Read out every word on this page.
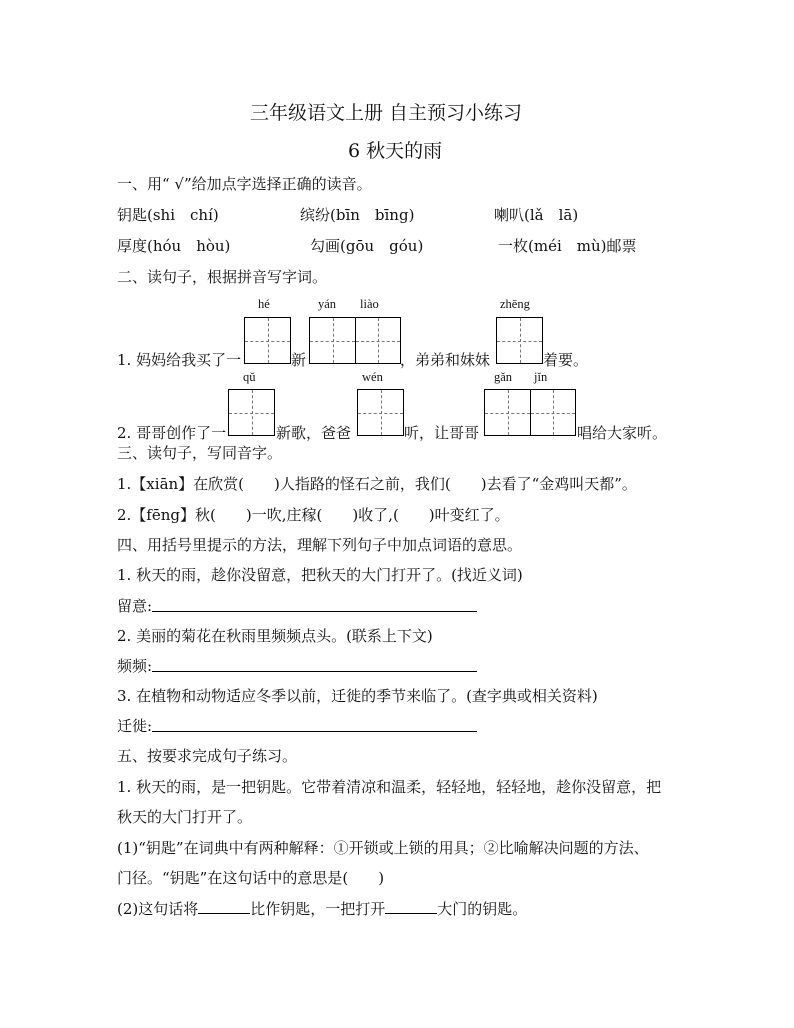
三年级语文上册 自主预习小练习
6 秋天的雨
一、用“ √”给加点字选择正确的读音。
钥匙(shi　chí)	缤纷(bīn　bīng)	喇叭(lǎ　lā)
厚度(hóu　hòu)	勾画(gōu　góu)	一枚(méi　mù)邮票
二、读句子，根据拼音写字词。
hé	yán liào	zhēng
1. 妈妈给我买了一	新	，弟弟和妹妹	着要。
qǔ	wén	gǎn jǐn
2. 哥哥创作了一	新歌，爸爸	听，让哥哥	唱给大家听。
三、读句子，写同音字。
1.【xiān】在欣赏(　　)人指路的怪石之前，我们(　　)去看了“金鸡叫天都”。
2.【fēng】秋(　　)一吹,庄稼(　　)收了,(　　)叶变红了。
四、用括号里提示的方法，理解下列句子中加点词语的意思。
1. 秋天的雨，趁你没留意，把秋天的大门打开了。(找近义词)
留意:
2. 美丽的菊花在秋雨里频频点头。(联系上下文)
频频:
3. 在植物和动物适应冬季以前，迁徙的季节来临了。(查字典或相关资料)
迁徙:
五、按要求完成句子练习。
1. 秋天的雨，是一把钥匙。它带着清凉和温柔，轻轻地，轻轻地，趁你没留意，把
秋天的大门打开了。
(1)“钥匙”在词典中有两种解释：①开锁或上锁的用具；②比喻解决问题的方法、
门径。“钥匙”在这句话中的意思是(　　)
(2)这句话将	比作钥匙，一把打开	大门的钥匙。
